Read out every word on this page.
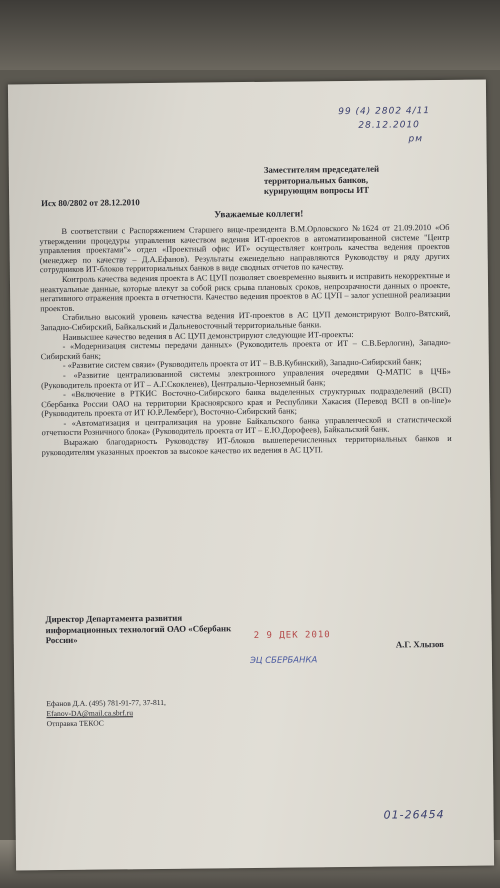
99 (4) 2802 4/11
28.12.2010
рм
Заместителям председателей территориальных банков, курирующим вопросы ИТ
Исх 80/2802 от 28.12.2010
Уважаемые коллеги!

В соответствии с Распоряжением Старшего вице-президента В.М.Орловского №1624 от 21.09.2010 «Об утверждении процедуры управления качеством ведения ИТ-проектов в автоматизированной системе "Центр управления проектами"» отдел «Проектный офис ИТ» осуществляет контроль качества ведения проектов (менеджер по качеству – Д.А.Ефанов). Результаты еженедельно направляются Руководству и ряду других сотрудников ИТ-блоков территориальных банков в виде сводных отчетов по качеству.

Контроль качества ведения проекта в АС ЦУП позволяет своевременно выявить и исправить некорректные и неактуальные данные, которые влекут за собой риск срыва плановых сроков, непрозрачности данных о проекте, негативного отражения проекта в отчетности. Качество ведения проектов в АС ЦУП – залог успешной реализации проектов.

Стабильно высокий уровень качества ведения ИТ-проектов в АС ЦУП демонстрируют Волго-Вятский, Западно-Сибирский, Байкальский и Дальневосточный территориальные банки.

Наивысшее качество ведения в АС ЦУП демонстрируют следующие ИТ-проекты:

- «Модернизация системы передачи данных» (Руководитель проекта от ИТ – С.В.Берлогин), Западно-Сибирский банк;

- «Развитие систем связи» (Руководитель проекта от ИТ – В.В.Кубинский), Западно-Сибирский банк;

- «Развитие централизованной системы электронного управления очередями Q-MATIC в ЦЧБ» (Руководитель проекта от ИТ – А.Г.Скокленев), Центрально-Черноземный банк;

- «Включение в РТКИС Восточно-Сибирского банка выделенных структурных подразделений (ВСП) Сбербанка России ОАО на территории Красноярского края и Республики Хакасия (Перевод ВСП в on-line)» (Руководитель проекта от ИТ Ю.Р.Лемберг), Восточно-Сибирский банк;

- «Автоматизация и централизация на уровне Байкальского банка управленческой и статистической отчетности Розничного блока» (Руководитель проекта от ИТ – Е.Ю.Дорофеев), Байкальский банк.

Выражаю благодарность Руководству ИТ-блоков вышеперечисленных территориальных банков и руководителям указанных проектов за высокое качество их ведения в АС ЦУП.

Директор Департамента развития информационных технологий ОАО «Сбербанк России»	2 9 ДЕК 2010
ЭЦ СБЕРБАНКА
А.Г. Хлызов
Ефанов Д.А. (495) 781-91-77, 37-811,
Efanov-DA@mail.ca.sbrf.ru
Отправка ТЕКОС
01-26454
